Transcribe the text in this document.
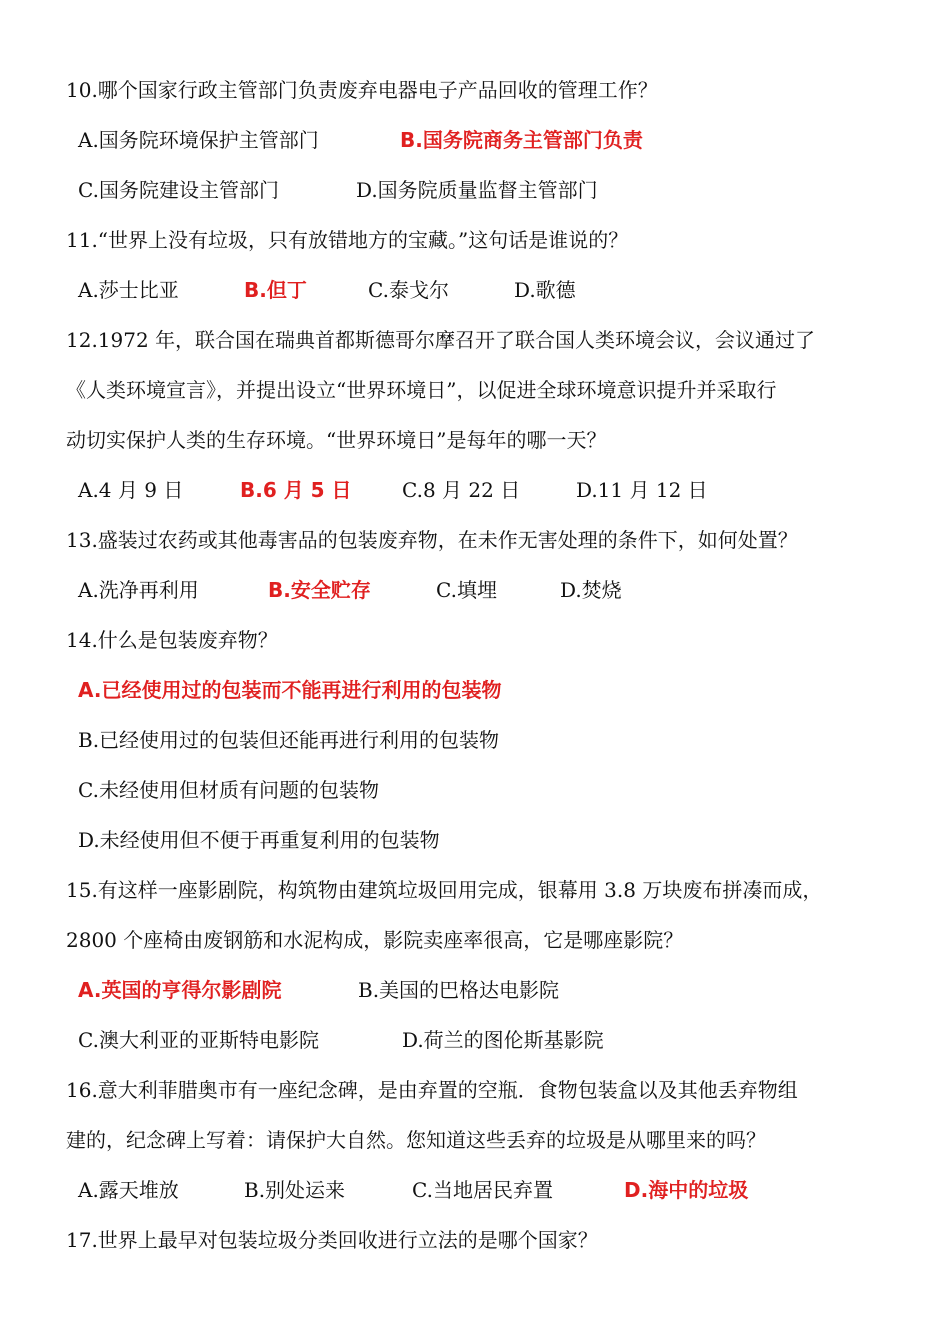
10.哪个国家行政主管部门负责废弃电器电子产品回收的管理工作？
A.国务院环境保护主管部门	B.国务院商务主管部门负责
C.国务院建设主管部门	D.国务院质量监督主管部门
11.“世界上没有垃圾，只有放错地方的宝藏。”这句话是谁说的？
A.莎士比亚	B.但丁	C.泰戈尔	D.歌德
12.1972 年，联合国在瑞典首都斯德哥尔摩召开了联合国人类环境会议，会议通过了
《人类环境宣言》，并提出设立“世界环境日”，以促进全球环境意识提升并采取行
动切实保护人类的生存环境。“世界环境日”是每年的哪一天？
A.4 月 9 日	B.6 月 5 日	C.8 月 22 日	D.11 月 12 日
13.盛装过农药或其他毒害品的包装废弃物，在未作无害处理的条件下，如何处置？
A.洗净再利用	B.安全贮存	C.填埋	D.焚烧
14.什么是包装废弃物？
A.已经使用过的包装而不能再进行利用的包装物
B.已经使用过的包装但还能再进行利用的包装物
C.未经使用但材质有问题的包装物
D.未经使用但不便于再重复利用的包装物
15.有这样一座影剧院，构筑物由建筑垃圾回用完成，银幕用 3.8 万块废布拼凑而成，
2800 个座椅由废钢筋和水泥构成，影院卖座率很高，它是哪座影院？
A.英国的亨得尔影剧院	B.美国的巴格达电影院
C.澳大利亚的亚斯特电影院	D.荷兰的图伦斯基影院
16.意大利菲腊奥市有一座纪念碑，是由弃置的空瓶．食物包装盒以及其他丢弃物组
建的，纪念碑上写着：请保护大自然。您知道这些丢弃的垃圾是从哪里来的吗？
A.露天堆放	B.别处运来	C.当地居民弃置	D.海中的垃圾
17.世界上最早对包装垃圾分类回收进行立法的是哪个国家？
